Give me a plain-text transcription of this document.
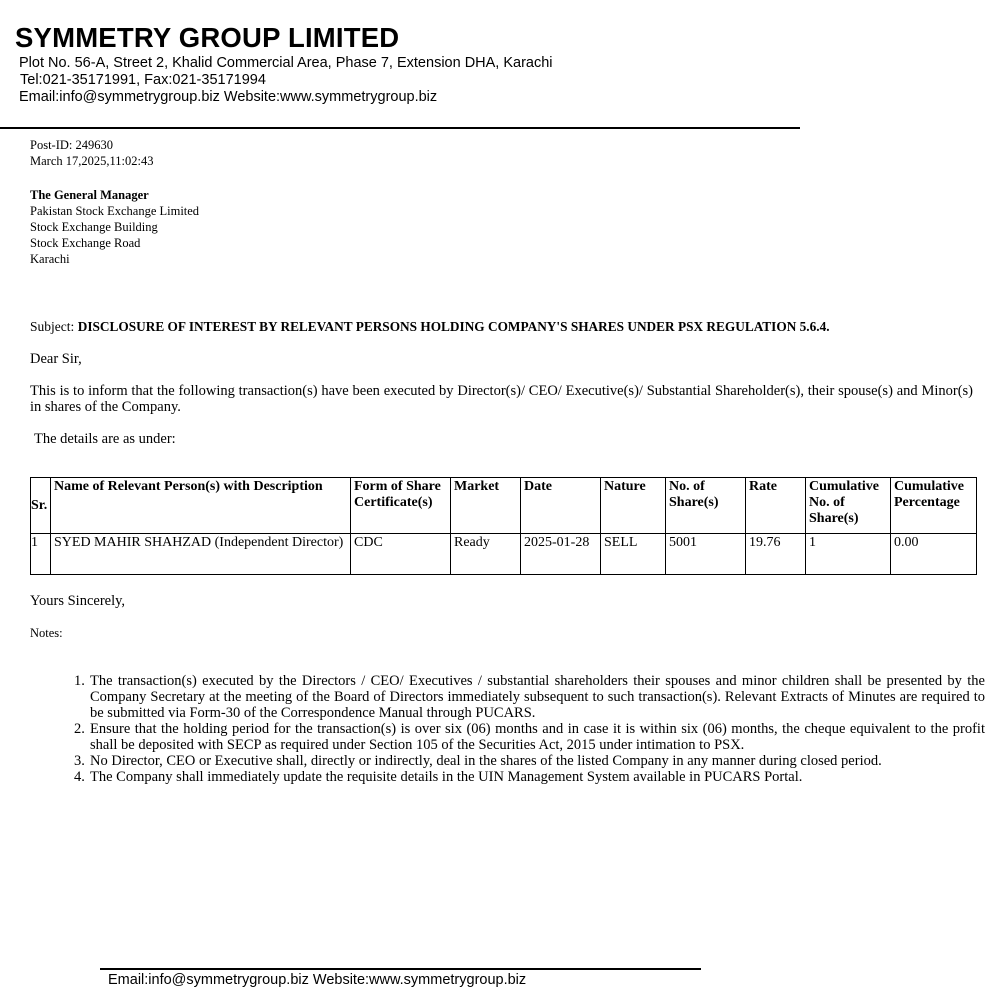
SYMMETRY GROUP LIMITED
Plot No. 56-A, Street 2, Khalid Commercial Area, Phase 7, Extension DHA, Karachi
Tel:021-35171991, Fax:021-35171994
Email:info@symmetrygroup.biz Website:www.symmetrygroup.biz
Post-ID: 249630
March 17,2025,11:02:43
The General Manager
Pakistan Stock Exchange Limited
Stock Exchange Building
Stock Exchange Road
Karachi
Subject: DISCLOSURE OF INTEREST BY RELEVANT PERSONS HOLDING COMPANY'S SHARES UNDER PSX REGULATION 5.6.4.
Dear Sir,
This is to inform that the following transaction(s) have been executed by Director(s)/ CEO/ Executive(s)/ Substantial Shareholder(s), their spouse(s) and Minor(s) in shares of the Company.
The details are as under:
Sr.	Name of Relevant Person(s) with Description	Form of Share Certificate(s)	Market	Date	Nature	No. of Share(s)	Rate	Cumulative No. of Share(s)	Cumulative Percentage
1	SYED MAHIR SHAHZAD (Independent Director)	CDC	Ready	2025-01-28	SELL	5001	19.76	1	0.00
Yours Sincerely,
Notes:
1. The transaction(s) executed by the Directors / CEO/ Executives / substantial shareholders their spouses and minor children shall be presented by the Company Secretary at the meeting of the Board of Directors immediately subsequent to such transaction(s). Relevant Extracts of Minutes are required to be submitted via Form-30 of the Correspondence Manual through PUCARS.
2. Ensure that the holding period for the transaction(s) is over six (06) months and in case it is within six (06) months, the cheque equivalent to the profit shall be deposited with SECP as required under Section 105 of the Securities Act, 2015 under intimation to PSX.
3. No Director, CEO or Executive shall, directly or indirectly, deal in the shares of the listed Company in any manner during closed period.
4. The Company shall immediately update the requisite details in the UIN Management System available in PUCARS Portal.
Email:info@symmetrygroup.biz Website:www.symmetrygroup.biz
